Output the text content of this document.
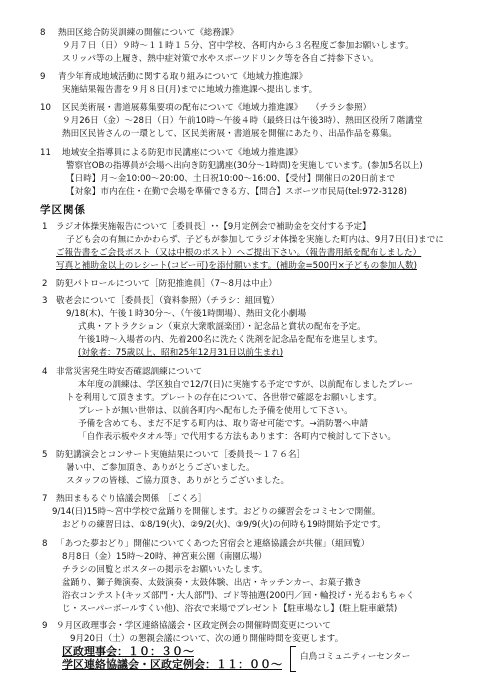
8 熱田区総合防災訓練の開催について《総務課》
９月７日（日）９時～１１時１５分、宮中学校、各町内から３名程度ご参加お願いします。
スリッパ等の上履き、熱中症対策で水やスポーツドリンク等を各自ご持参下さい。
9 青少年育成地域活動に関する取り組みについて《地域力推進課》
実施結果報告書を９月８日(月)までに地域力推進課へ提出します。
10 区民美術展・書道展募集要項の配布について《地域力推進課》　　（チラシ参照）
９月26日（金）～28日（日）午前10時～午後４時（最終日は午後3時）、熱田区役所７階講堂
熱田区民皆さんの一環として、区民美術展・書道展を開催にあたり、出品作品を募集。
11 地域安全指導員による防犯市民講座について《地域力推進課》
警察官OBの指導員が会場へ出向き防犯講座(30分～1時間)を実施しています。(参加5名以上)
【日時】月～金10:00～20:00、土日祝10:00～16:00、【受付】開催日の20日前まで
【対象】市内在住・在勤で会場を準備できる方、【問合】スポーツ市民局(tel:972-3128)
学区関係
1 ラジオ体操実施報告について［委員長］･･【9月定例会で補助金を交付する予定】
子ども会の有無にかかわらず、子どもが参加してラジオ体操を実施した町内は、9月7日(日)までに
ご報告書をご会長ポスト（又は中根のポスト）へご提出下さい。（報告書用紙を配布しました）
写真と補助金以上のレシート(コピー可)を添付願います。(補助金=500円×子どもの参加人数)
2 防犯パトロールについて［防犯推進員］（7～8月は中止）
3 敬老会について［委員長］（資料参照）（チラシ：組回覧）
9/18(木)、午後１時30分～、（午後1時開場）、熱田文化小劇場
式典・アトラクション（東京大衆歌謡楽団）・記念品と賞状の配布を予定。
午後1時～入場者の内、先着200名に洗たく洗剤を記念品を配布を進呈します。
(対象者：75歳以上、昭和25年12月31日以前生まれ)
4 非常災害発生時安否確認訓練について
本年度の訓練は、学区独自で12/7(日)に実施する予定ですが、以前配布しましたプレー
トを利用して頂きます。プレートの存在について、各世帯で確認をお願いします。
プレートが無い世帯は、以前各町内へ配布した予備を使用して下さい。
予備を含めても、まだ不足する町内は、取り寄せ可能です。→消防署へ申請
「自作表示板やタオル等」で代用する方法もあります：各町内で検討して下さい。
5 防犯講演会とコンサート実施結果について［委員長〜１７６名］
暑い中、ご参加頂き、ありがとうございました。
スタッフの皆様、ご協力頂き、ありがとうございました。
7 熱田まもるぐり協議会関係　［ごくろ］
9/14(日)15時～宮中学校で盆踊りを開催します。おどりの練習会をコミセンで開催。
おどりの練習日は、①8/19(火)、②9/2(火)、③9/9(火)の何時も19時開始予定です。
8 「あつた夢おどり」開催についてくあつた宮宿会と連絡協議会が共催」（組回覧）
8月8日（金）15時～20時、神宮東公園（南園広場）
チラシの回覧とポスターの掲示をお願いいたします。
盆踊り、獅子舞演奏、太鼓演奏・太鼓体験、出店・キッチンカー、お菓子撒き
浴衣コンテスト(キッズ部門・大人部門)、ゴド等抽選(200円／回・輪投げ・光るおもちゃく
じ・スーパーボールすくい他)、浴衣で来場でプレゼント【駐車場なし】(駐上駐車厳禁)
9 ９月区政理事会・学区連絡協議会・区政定例会の開催時間変更について
9月20日（土）の懇親会議について、次の通り開催時間を変更します。
区政理事会：１０：３０～
学区連絡協議会・区政定例会：１１：００～
白鳥コミュニティーセンター
